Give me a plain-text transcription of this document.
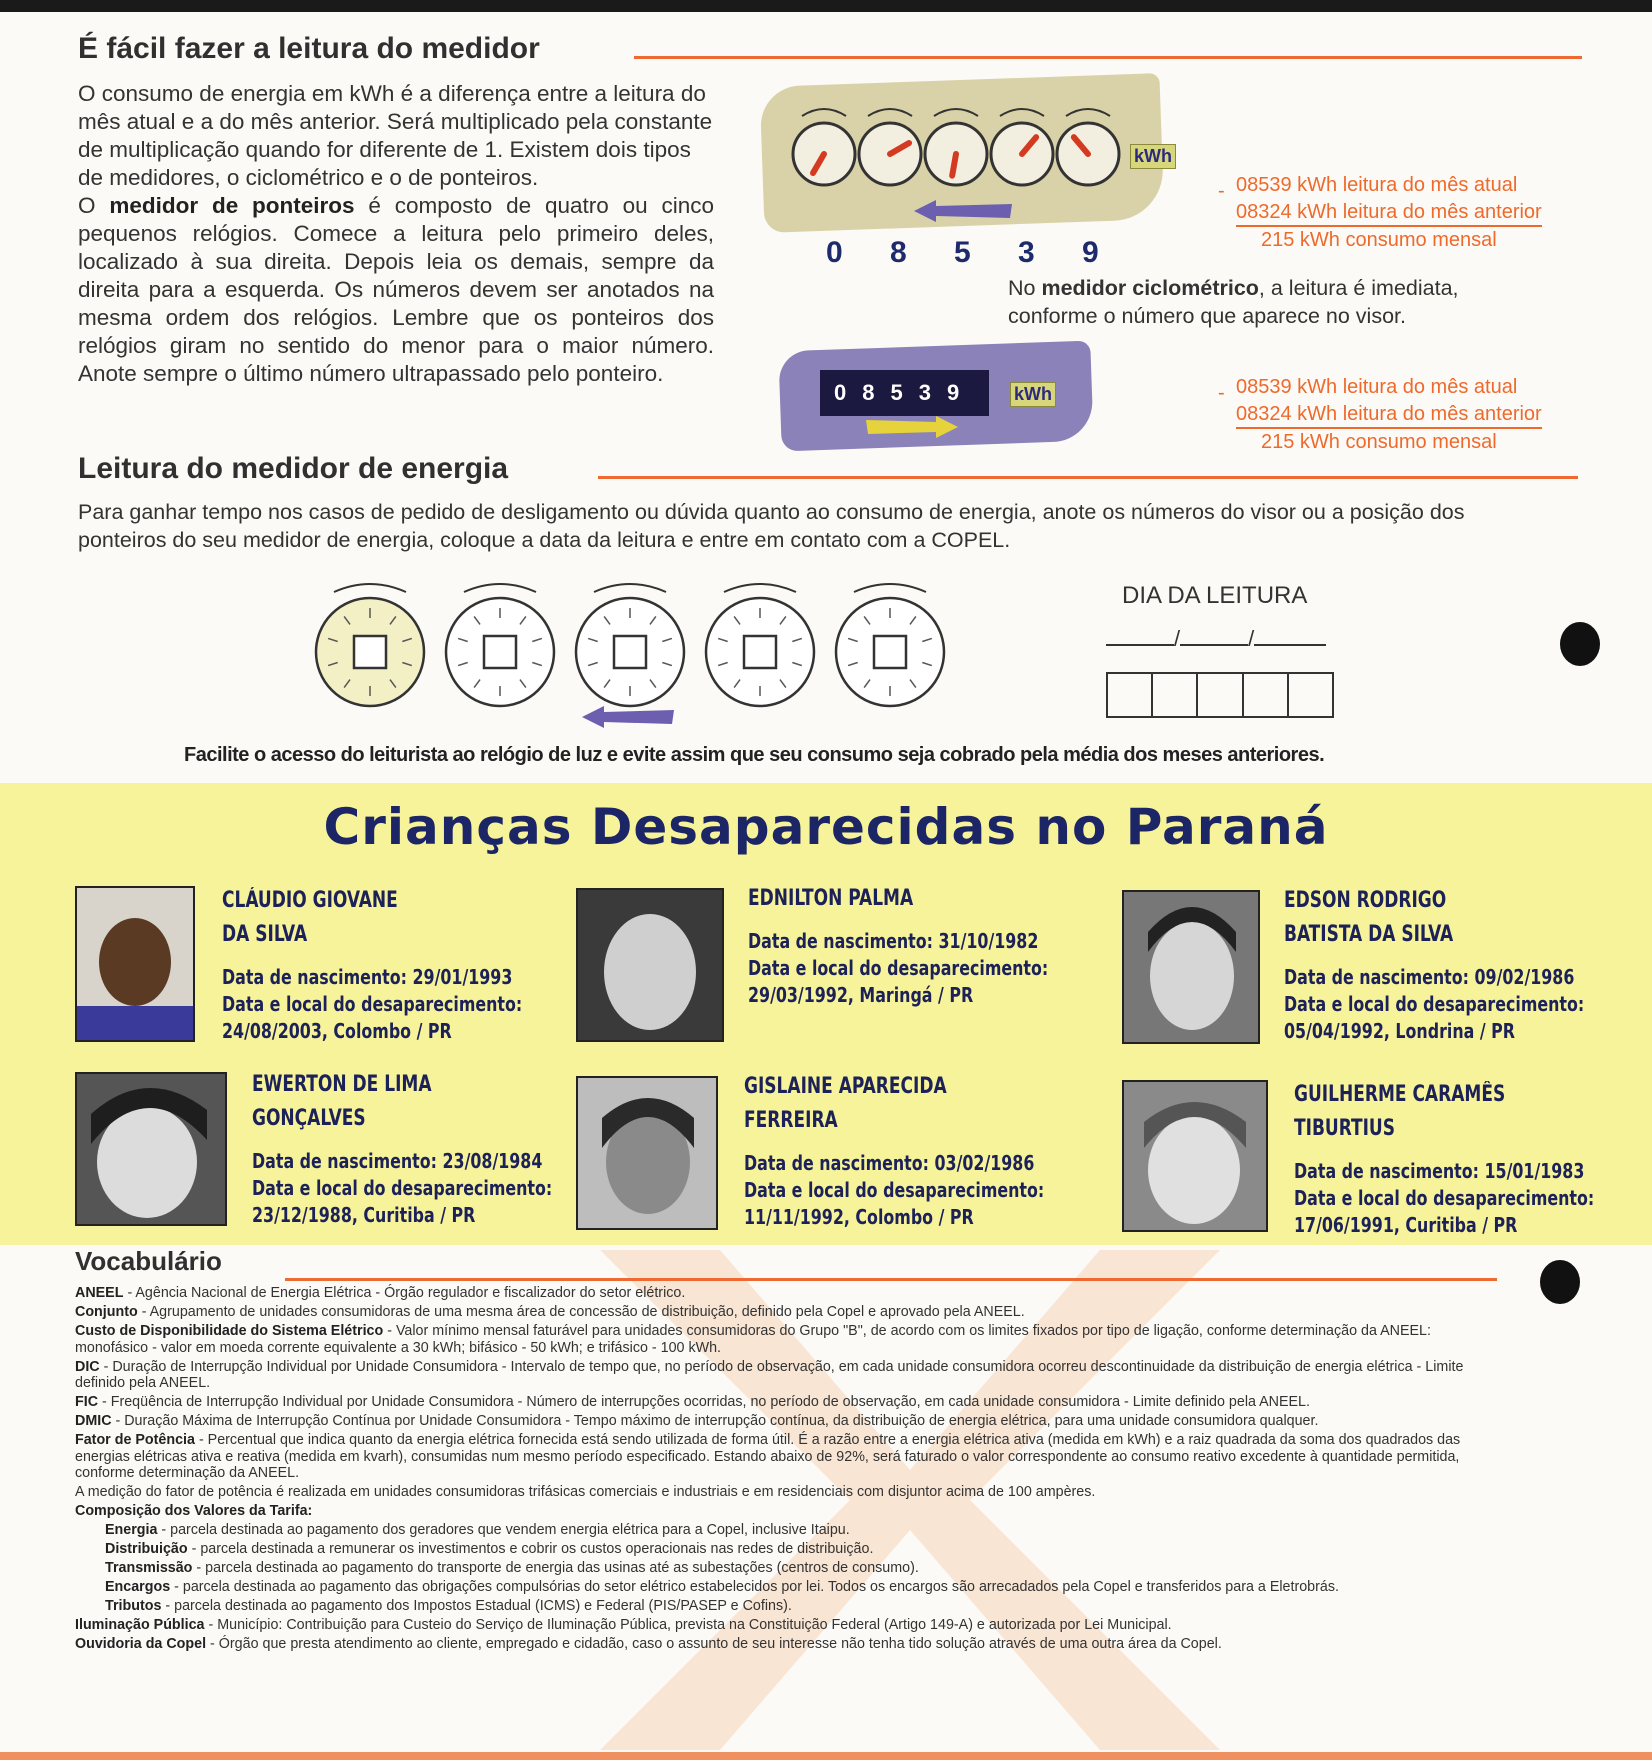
É fácil fazer a leitura do medidor
O consumo de energia em kWh é a diferença entre a leitura do mês atual e a do mês anterior. Será multiplicado pela constante de multiplicação quando for diferente de 1. Existem dois tipos de medidores, o ciclométrico e o de ponteiros.

O medidor de ponteiros é composto de quatro ou cinco pequenos relógios. Comece a leitura pelo primeiro deles, localizado à sua direita. Depois leia os demais, sempre da direita para a esquerda. Os números devem ser anotados na mesma ordem dos relógios. Lembre que os ponteiros dos relógios giram no sentido do menor para o maior número. Anote sempre o último número ultrapassado pelo ponteiro.
kWh
0 8 5 3 9
- 08539 kWh leitura do mês atual
08324 kWh leitura do mês anterior
215 kWh consumo mensal
No medidor ciclométrico, a leitura é imediata, conforme o número que aparece no visor.
08539	kWh	- 08539 kWh leitura do mês atual
08324 kWh leitura do mês anterior
215 kWh consumo mensal
Leitura do medidor de energia
Para ganhar tempo nos casos de pedido de desligamento ou dúvida quanto ao consumo de energia, anote os números do visor ou a posição dos ponteiros do seu medidor de energia, coloque a data da leitura e entre em contato com a COPEL.
DIA DA LEITURA
/	/
Facilite o acesso do leiturista ao relógio de luz e evite assim que seu consumo seja cobrado pela média dos meses anteriores.
Crianças Desaparecidas no Paraná
CLÁUDIO GIOVANE
DA SILVA
Data de nascimento: 29/01/1993
Data e local do desaparecimento:
24/08/2003, Colombo / PR
EDNILTON PALMA
Data de nascimento: 31/10/1982
Data e local do desaparecimento:
29/03/1992, Maringá / PR
EDSON RODRIGO
BATISTA DA SILVA
Data de nascimento: 09/02/1986
Data e local do desaparecimento:
05/04/1992, Londrina / PR
EWERTON DE LIMA
GONÇALVES
Data de nascimento: 23/08/1984
Data e local do desaparecimento:
23/12/1988, Curitiba / PR
GISLAINE APARECIDA
FERREIRA
Data de nascimento: 03/02/1986
Data e local do desaparecimento:
11/11/1992, Colombo / PR
GUILHERME CARAMÊS
TIBURTIUS
Data de nascimento: 15/01/1983
Data e local do desaparecimento:
17/06/1991, Curitiba / PR
Vocabulário

ANEEL - Agência Nacional de Energia Elétrica - Órgão regulador e fiscalizador do setor elétrico.

Conjunto - Agrupamento de unidades consumidoras de uma mesma área de concessão de distribuição, definido pela Copel e aprovado pela ANEEL.

Custo de Disponibilidade do Sistema Elétrico - Valor mínimo mensal faturável para unidades consumidoras do Grupo "B", de acordo com os limites fixados por tipo de ligação, conforme determinação da ANEEL: monofásico - valor em moeda corrente equivalente a 30 kWh; bifásico - 50 kWh; e trifásico - 100 kWh.

DIC - Duração de Interrupção Individual por Unidade Consumidora - Intervalo de tempo que, no período de observação, em cada unidade consumidora ocorreu descontinuidade da distribuição de energia elétrica - Limite definido pela ANEEL.

FIC - Freqüência de Interrupção Individual por Unidade Consumidora - Número de interrupções ocorridas, no período de observação, em cada unidade consumidora - Limite definido pela ANEEL.

DMIC - Duração Máxima de Interrupção Contínua por Unidade Consumidora - Tempo máximo de interrupção contínua, da distribuição de energia elétrica, para uma unidade consumidora qualquer.

Fator de Potência - Percentual que indica quanto da energia elétrica fornecida está sendo utilizada de forma útil. É a razão entre a energia elétrica ativa (medida em kWh) e a raiz quadrada da soma dos quadrados das energias elétricas ativa e reativa (medida em kvarh), consumidas num mesmo período especificado. Estando abaixo de 92%, será faturado o valor correspondente ao consumo reativo excedente à quantidade permitida, conforme determinação da ANEEL.

A medição do fator de potência é realizada em unidades consumidoras trifásicas comerciais e industriais e em residenciais com disjuntor acima de 100 ampères.

Composição dos Valores da Tarifa:

Energia - parcela destinada ao pagamento dos geradores que vendem energia elétrica para a Copel, inclusive Itaipu.

Distribuição - parcela destinada a remunerar os investimentos e cobrir os custos operacionais nas redes de distribuição.

Transmissão - parcela destinada ao pagamento do transporte de energia das usinas até as subestações (centros de consumo).

Encargos - parcela destinada ao pagamento das obrigações compulsórias do setor elétrico estabelecidos por lei. Todos os encargos são arrecadados pela Copel e transferidos para a Eletrobrás.

Tributos - parcela destinada ao pagamento dos Impostos Estadual (ICMS) e Federal (PIS/PASEP e Cofins).

Iluminação Pública - Município: Contribuição para Custeio do Serviço de Iluminação Pública, prevista na Constituição Federal (Artigo 149-A) e autorizada por Lei Municipal.

Ouvidoria da Copel - Órgão que presta atendimento ao cliente, empregado e cidadão, caso o assunto de seu interesse não tenha tido solução através de uma outra área da Copel.
